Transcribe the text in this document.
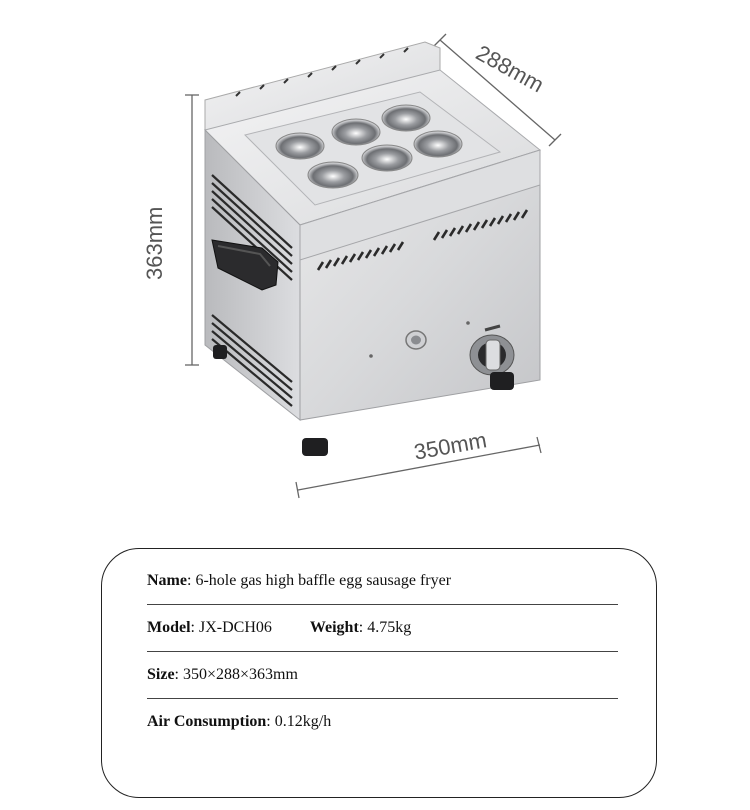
350mm
288mm
363mm
Name : 6-hole gas high baffle egg sausage fryer
Model: JX-DCH06 Weight: 4.75kg
Size : 350×288×363mm
Air Consumption : 0.12kg/h
